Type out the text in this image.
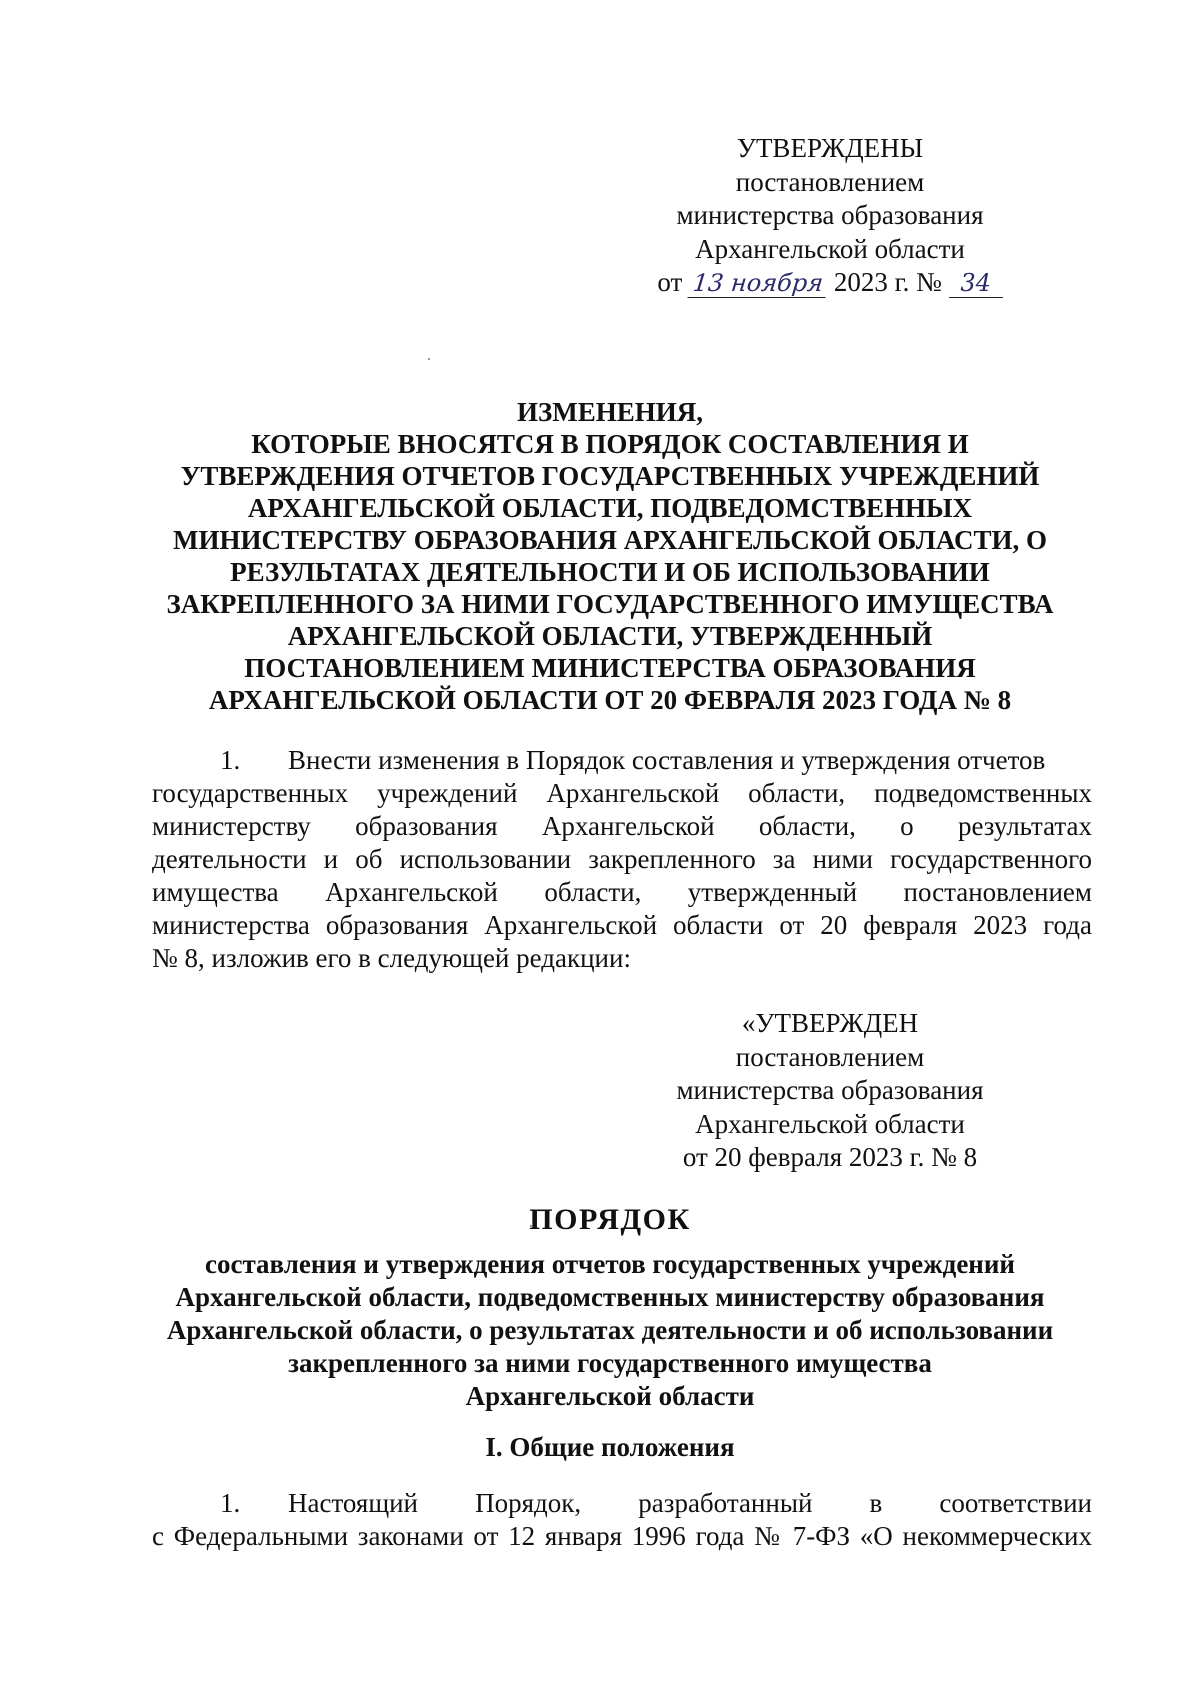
УТВЕРЖДЕНЫ
постановлением
министерства образования
Архангельской области
от 13 ноября 2023 г. № 34
ИЗМЕНЕНИЯ,
КОТОРЫЕ ВНОСЯТСЯ В ПОРЯДОК СОСТАВЛЕНИЯ И
УТВЕРЖДЕНИЯ ОТЧЕТОВ ГОСУДАРСТВЕННЫХ УЧРЕЖДЕНИЙ
АРХАНГЕЛЬСКОЙ ОБЛАСТИ, ПОДВЕДОМСТВЕННЫХ
МИНИСТЕРСТВУ ОБРАЗОВАНИЯ АРХАНГЕЛЬСКОЙ ОБЛАСТИ, О
РЕЗУЛЬТАТАХ ДЕЯТЕЛЬНОСТИ И ОБ ИСПОЛЬЗОВАНИИ
ЗАКРЕПЛЕННОГО ЗА НИМИ ГОСУДАРСТВЕННОГО ИМУЩЕСТВА
АРХАНГЕЛЬСКОЙ ОБЛАСТИ, УТВЕРЖДЕННЫЙ
ПОСТАНОВЛЕНИЕМ МИНИСТЕРСТВА ОБРАЗОВАНИЯ
АРХАНГЕЛЬСКОЙ ОБЛАСТИ ОТ 20 ФЕВРАЛЯ 2023 ГОДА № 8
1. Внести изменения в Порядок составления и утверждения отчетов
государственных учреждений Архангельской области, подведомственных
министерству образования Архангельской области, о результатах
деятельности и об использовании закрепленного за ними государственного
имущества Архангельской области, утвержденный постановлением
министерства образования Архангельской области от 20 февраля 2023 года
№ 8, изложив его в следующей редакции:
«УТВЕРЖДЕН
постановлением
министерства образования
Архангельской области
от 20 февраля 2023 г. № 8
ПОРЯДОК
составления и утверждения отчетов государственных учреждений
Архангельской области, подведомственных министерству образования
Архангельской области, о результатах деятельности и об использовании
закрепленного за ними государственного имущества
Архангельской области
I. Общие положения
1. Настоящий Порядок, разработанный в соответствии
с Федеральными законами от 12 января 1996 года № 7-ФЗ «О некоммерческих
